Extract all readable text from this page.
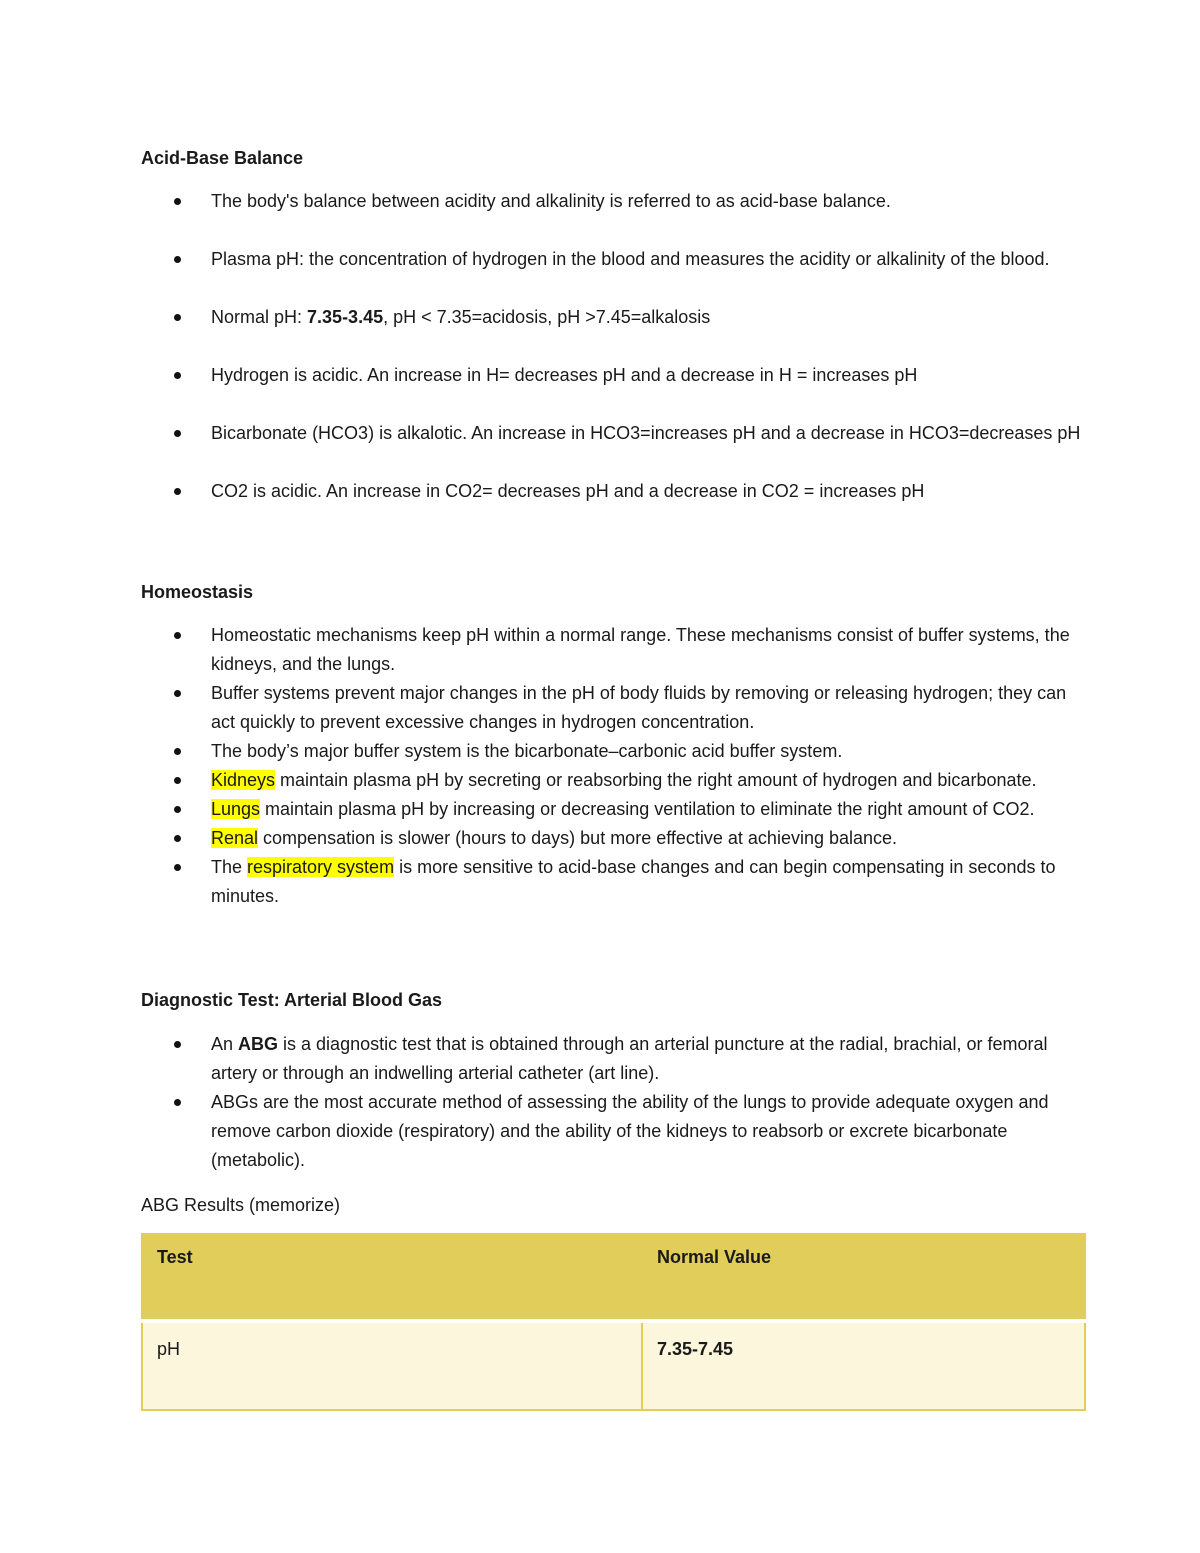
Acid-Base Balance
The body's balance between acidity and alkalinity is referred to as acid-base balance.
Plasma pH: the concentration of hydrogen in the blood and measures the acidity or alkalinity of the blood.
Normal pH: 7.35-3.45, pH < 7.35=acidosis, pH >7.45=alkalosis
Hydrogen is acidic. An increase in H= decreases pH and a decrease in H = increases pH
Bicarbonate (HCO3) is alkalotic. An increase in HCO3=increases pH and a decrease in HCO3=decreases pH
CO2 is acidic. An increase in CO2= decreases pH and a decrease in CO2 = increases pH
Homeostasis
Homeostatic mechanisms keep pH within a normal range. These mechanisms consist of buffer systems, the kidneys, and the lungs.
Buffer systems prevent major changes in the pH of body fluids by removing or releasing hydrogen; they can act quickly to prevent excessive changes in hydrogen concentration.
The body’s major buffer system is the bicarbonate–carbonic acid buffer system.
Kidneys maintain plasma pH by secreting or reabsorbing the right amount of hydrogen and bicarbonate.
Lungs maintain plasma pH by increasing or decreasing ventilation to eliminate the right amount of CO2.
Renal compensation is slower (hours to days) but more effective at achieving balance.
The respiratory system is more sensitive to acid-base changes and can begin compensating in seconds to minutes.
Diagnostic Test: Arterial Blood Gas
An ABG is a diagnostic test that is obtained through an arterial puncture at the radial, brachial, or femoral artery or through an indwelling arterial catheter (art line).
ABGs are the most accurate method of assessing the ability of the lungs to provide adequate oxygen and remove carbon dioxide (respiratory) and the ability of the kidneys to reabsorb or excrete bicarbonate (metabolic).
ABG Results (memorize)
Test	Normal Value
pH	7.35-7.45
